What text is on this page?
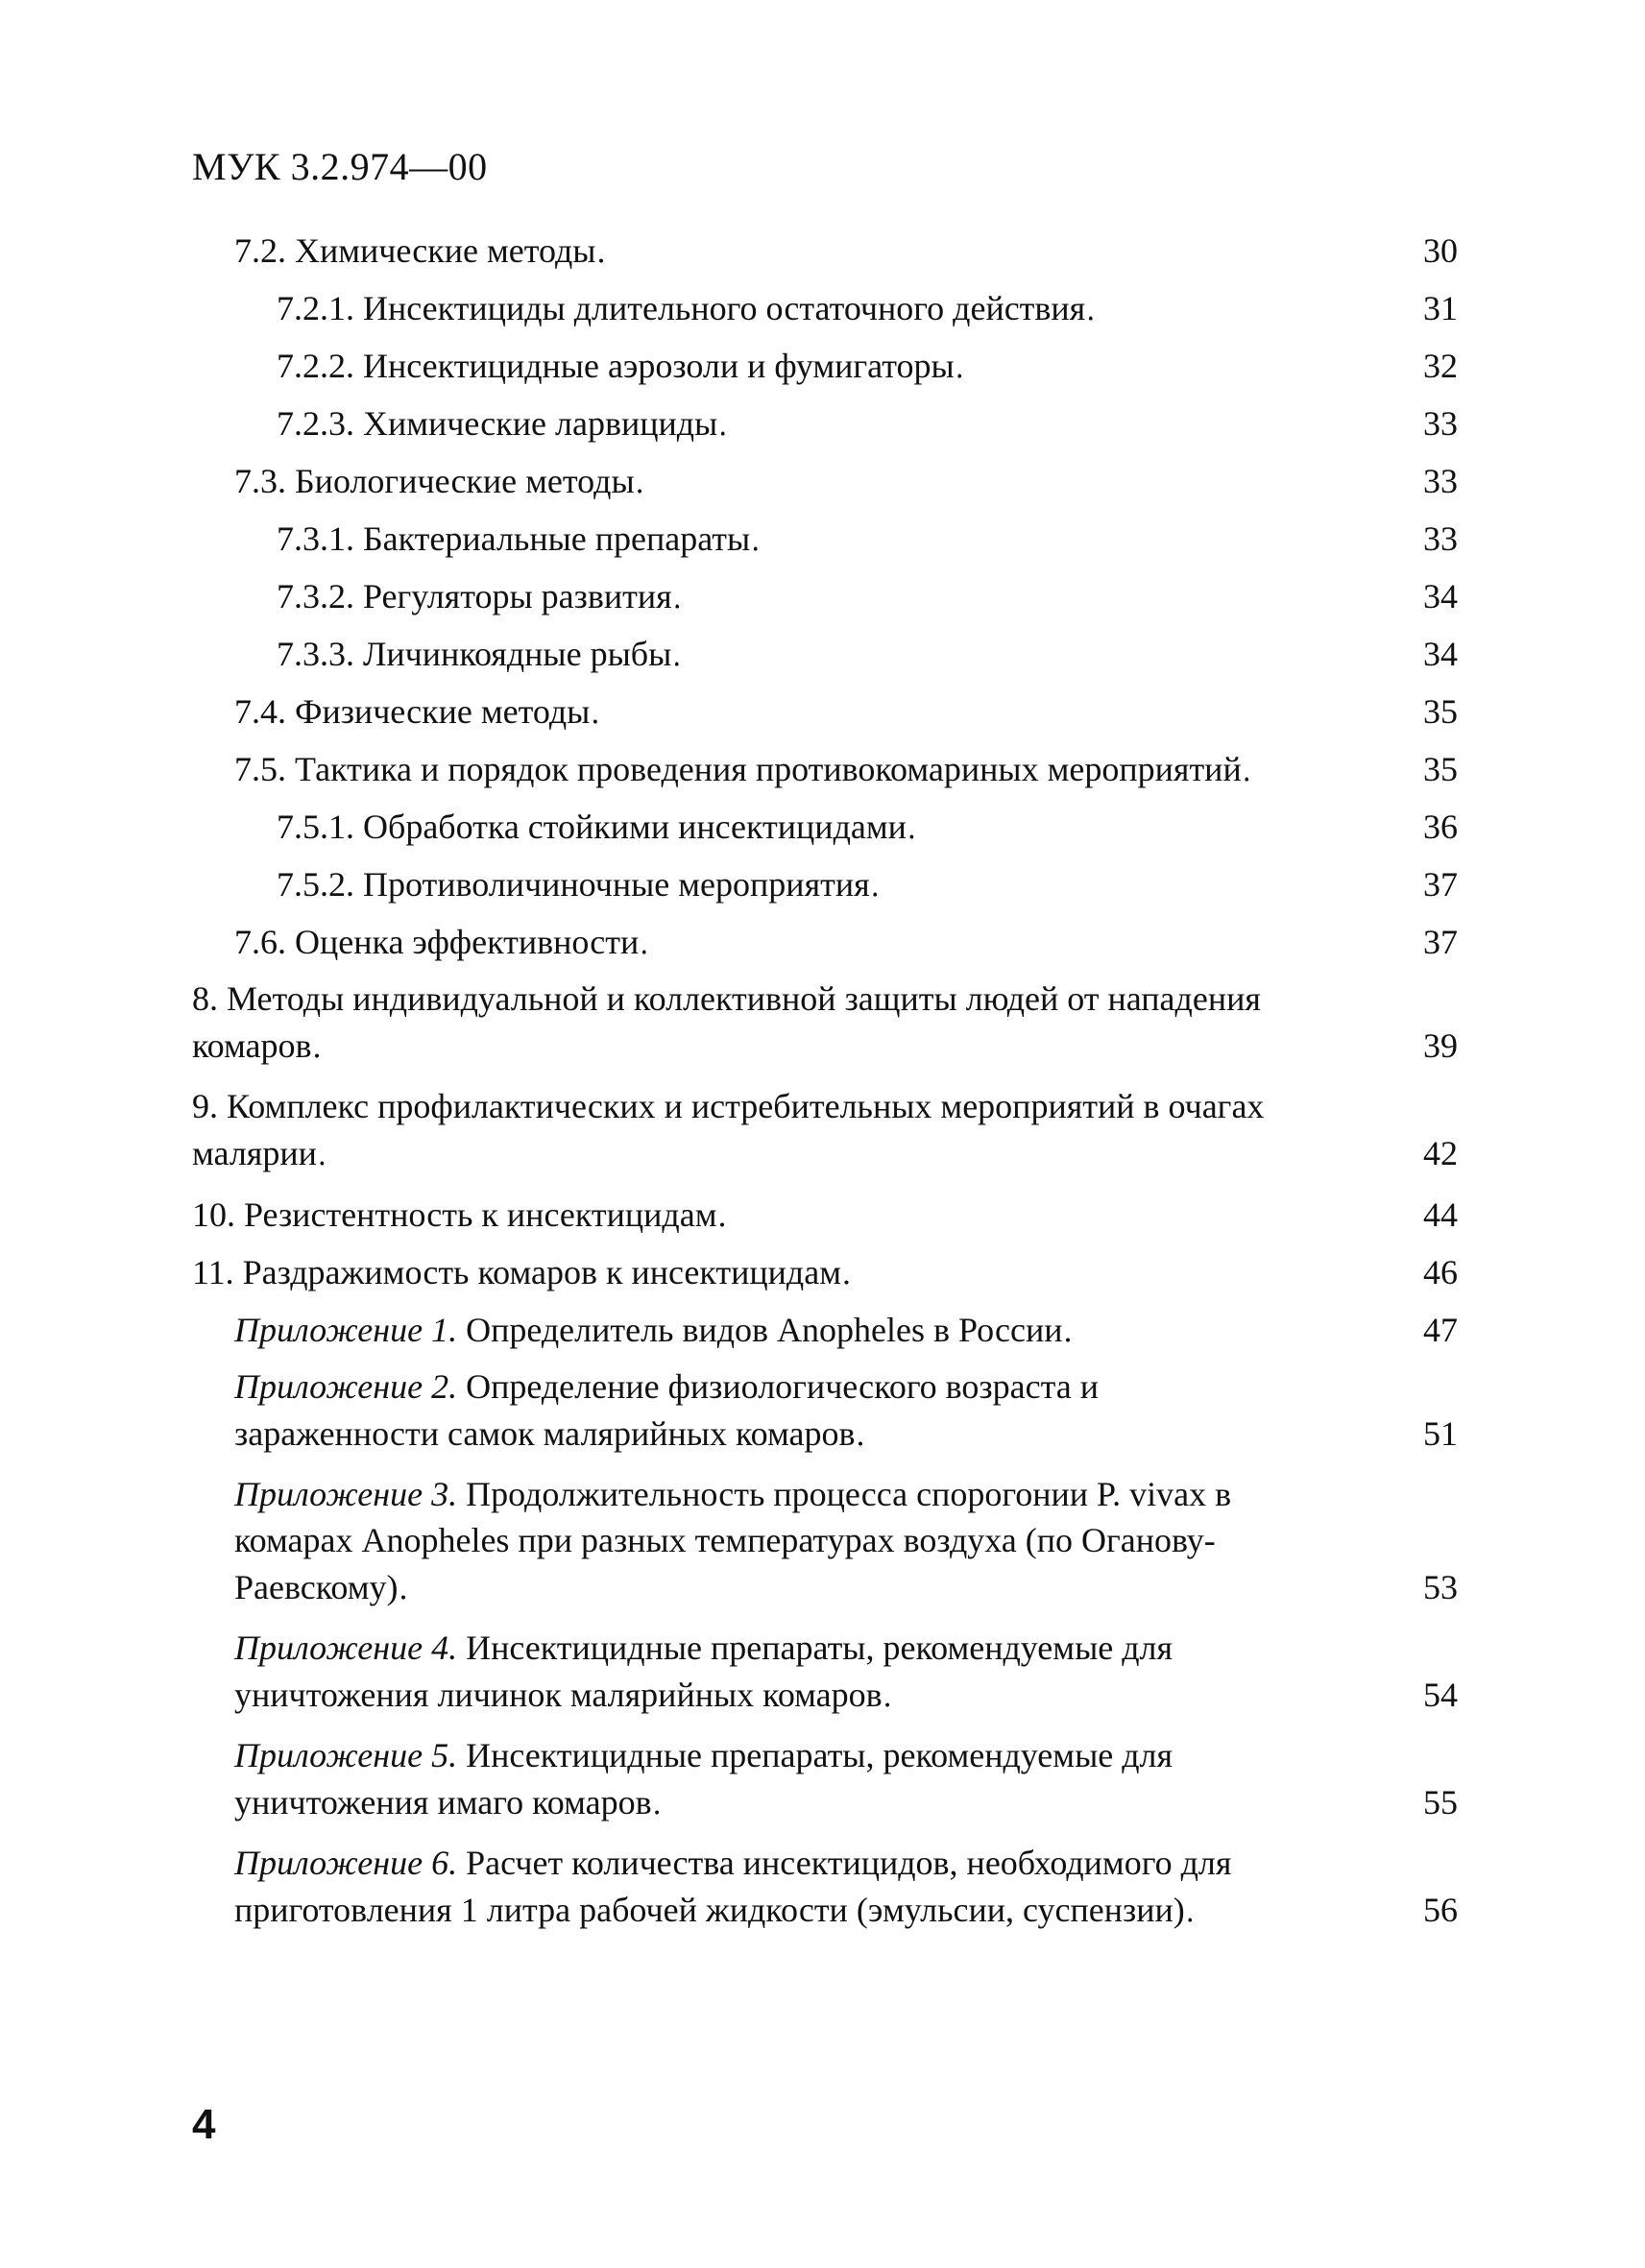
МУК 3.2.974—00
7.2. Химические методы . . .	30
7.2.1. Инсектициды длительного остаточного действия . . .	31
7.2.2. Инсектицидные аэрозоли и фумигаторы . . .	32
7.2.3. Химические ларвициды . . .	33
7.3. Биологические методы . . .	33
7.3.1. Бактериальные препараты . . .	33
7.3.2. Регуляторы развития . . .	34
7.3.3. Личинкоядные рыбы . . .	34
7.4. Физические методы . . .	35
7.5. Тактика и порядок проведения противокомариных мероприятий . . .	35
7.5.1. Обработка стойкими инсектицидами . . .	36
7.5.2. Противоличиночные мероприятия . . .	37
7.6. Оценка эффективности . . .	37
8. Методы индивидуальной и коллективной защиты людей от нападения
комаров . . .	39
9. Комплекс профилактических и истребительных мероприятий в очагах
малярии . . .	42
10. Резистентность к инсектицидам . . .	44
11. Раздражимость комаров к инсектицидам . . .	46
Приложение 1. Определитель видов Anopheles в России . . .	47
Приложение 2. Определение физиологического возраста и
зараженности самок малярийных комаров . . .	51
Приложение 3. Продолжительность процесса спорогонии P. vivax в
комарах Anopheles при разных температурах воздуха (по Оганову-
Раевскому) . . .	53
Приложение 4. Инсектицидные препараты, рекомендуемые для
уничтожения личинок малярийных комаров . . .	54
Приложение 5. Инсектицидные препараты, рекомендуемые для
уничтожения имаго комаров . . .	55
Приложение 6. Расчет количества инсектицидов, необходимого для
приготовления 1 литра рабочей жидкости (эмульсии, суспензии) . . .	56
4
